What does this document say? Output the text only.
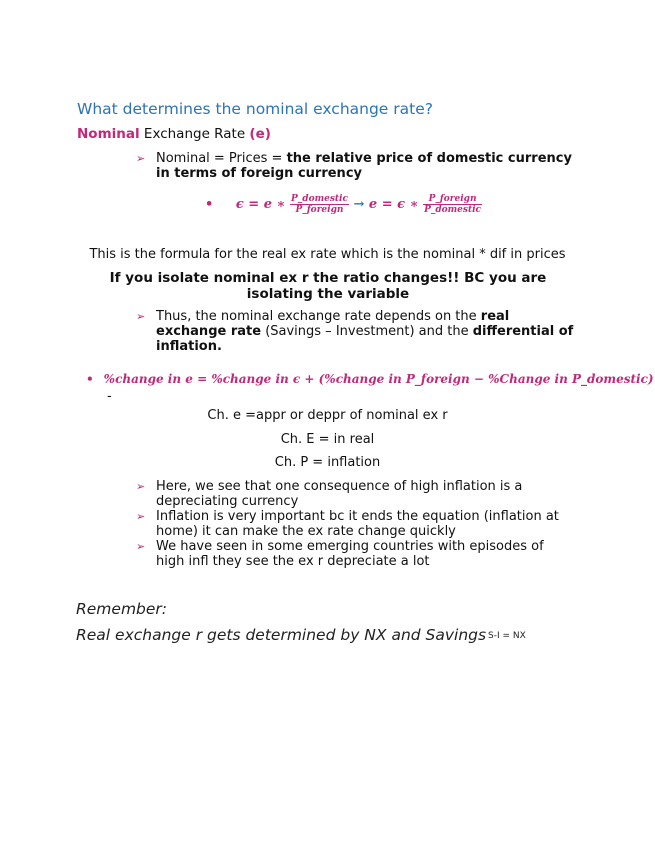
What determines the nominal exchange rate?
Nominal Exchange Rate (e)
➢ Nominal = Prices = the relative price of domestic currency in terms of foreign currency
• ϵ = e ∗ $\frac{\text{P\_domestic}}{\text{P\_foreign}} \to e = \epsilon$ ∗ $\frac{\text{P\_foreign}}{\text{P\_domestic}}$
This is the formula for the real ex rate which is the nominal * dif in prices
If you isolate nominal ex r the ratio changes!! BC you are isolating the variable
➢ Thus, the nominal exchange rate depends on the real exchange rate (Savings – Investment) and the differential of inflation.
• %change in e = %change in ϵ + (%change in P_foreign − %Change in P_domestic)
-
Ch. e =appr or deppr of nominal ex r
Ch. E = in real
Ch. P = inflation
➢ Here, we see that one consequence of high inflation is a depreciating currency
➢ Inflation is very important bc it ends the equation (inflation at home) it can make the ex rate change quickly
➢ We have seen in some emerging countries with episodes of high infl they see the ex r depreciate a lot
Remember:
Real exchange r gets determined by NX and Savings S-I = NX
